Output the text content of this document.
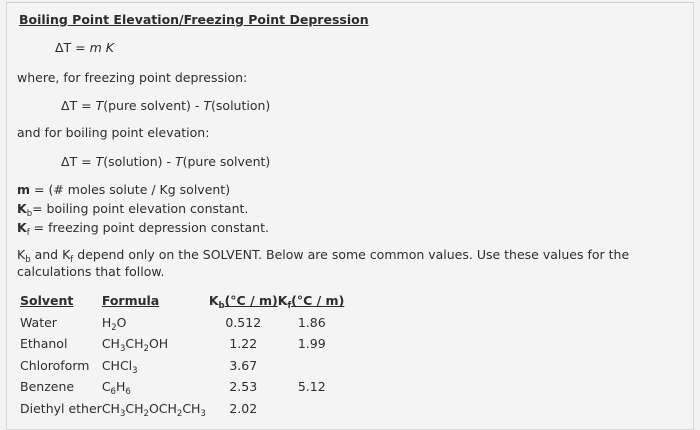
Boiling Point Elevation/Freezing Point Depression
ΔT = m K
where, for freezing point depression:
ΔT = T(pure solvent) - T(solution)
and for boiling point elevation:
ΔT = T(solution) - T(pure solvent)
m = (# moles solute / Kg solvent)
$K_b=$ boiling point elevation constant.
$K_f$ = freezing point depression constant.
$K_b$ and $K_f$ depend only on the SOLVENT. Below are some common values. Use these values for the calculations that follow.
Solvent	Formula	$K_b(^\circ C / m)$	$K_f(^\circ C / m)$
Water	$H_2O$	0.512	1.86
Ethanol	$CH_3CH_2OH$	1.22	1.99
Chloroform	CHCl$_3$	3.67	
Benzene	$C_6H_6$	2.53	5.12
Diethyl ether	$CH_3CH_2OCH_2CH_3$	2.02	
